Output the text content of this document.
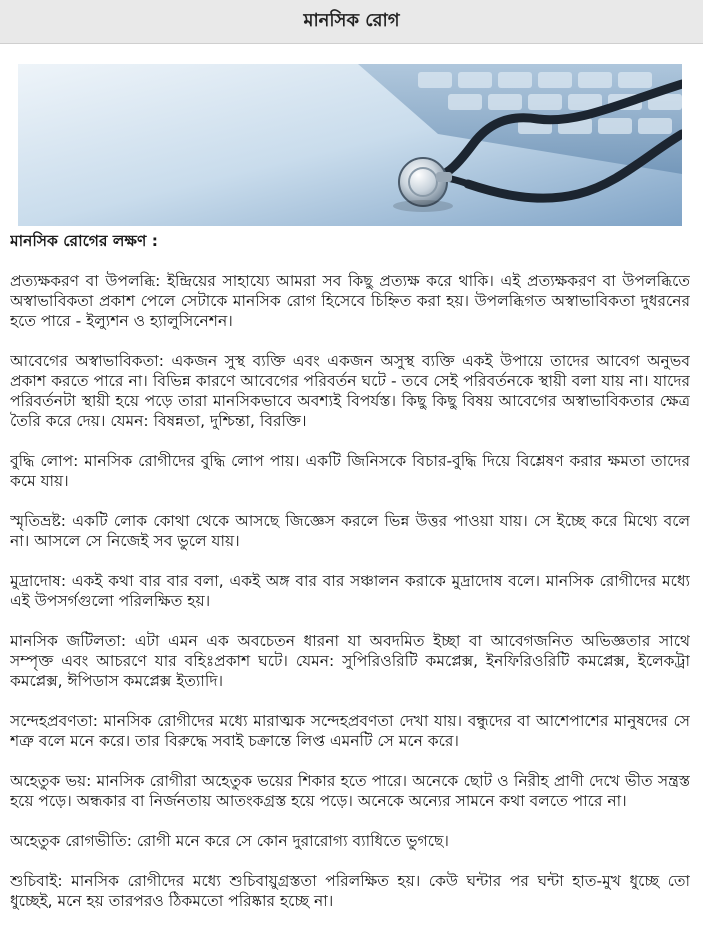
মানসিক রোগ
মানসিক রোগের লক্ষণ :

প্রত্যক্ষকরণ বা উপলব্ধি: ইন্দ্রিয়ের সাহায্যে আমরা সব কিছু প্রত্যক্ষ করে থাকি। এই প্রত্যক্ষকরণ বা উপলব্ধিতে অস্বাভাবিকতা প্রকাশ পেলে সেটাকে মানসিক রোগ হিসেবে চিহ্নিত করা হয়। উপলব্ধিগত অস্বাভাবিকতা দুধরনের হতে পারে - ইল্যুশন ও হ্যালুসিনেশন।

আবেগের অস্বাভাবিকতা: একজন সুস্থ ব্যক্তি এবং একজন অসুস্থ ব্যক্তি একই উপায়ে তাদের আবেগ অনুভব প্রকাশ করতে পারে না। বিভিন্ন কারণে আবেগের পরিবর্তন ঘটে - তবে সেই পরিবর্তনকে স্থায়ী বলা যায় না। যাদের পরিবর্তনটা স্থায়ী হয়ে পড়ে তারা মানসিকভাবে অবশ্যই বিপর্যস্ত। কিছু কিছু বিষয় আবেগের অস্বাভাবিকতার ক্ষেত্র তৈরি করে দেয়। যেমন: বিষন্নতা, দুশ্চিন্তা, বিরক্তি।

বুদ্ধি লোপ: মানসিক রোগীদের বুদ্ধি লোপ পায়। একটি জিনিসকে বিচার-বুদ্ধি দিয়ে বিশ্লেষণ করার ক্ষমতা তাদের কমে যায়।

স্মৃতিভ্রষ্ট: একটি লোক কোথা থেকে আসছে জিজ্ঞেস করলে ভিন্ন উত্তর পাওয়া যায়। সে ইচ্ছে করে মিথ্যে বলে না। আসলে সে নিজেই সব ভুলে যায়।

মুদ্রাদোষ: একই কথা বার বার বলা, একই অঙ্গ বার বার সঞ্চালন করাকে মুদ্রাদোষ বলে। মানসিক রোগীদের মধ্যে এই উপসর্গগুলো পরিলক্ষিত হয়।

মানসিক জটিলতা: এটা এমন এক অবচেতন ধারনা যা অবদমিত ইচ্ছা বা আবেগজনিত অভিজ্ঞতার সাথে সম্পৃক্ত এবং আচরণে যার বহিঃপ্রকাশ ঘটে। যেমন: সুপিরিওরিটি কমপ্লেক্স, ইনফিরিওরিটি কমপ্লেক্স, ইলেকট্রা কমপ্লেক্স, ঈপিডাস কমপ্লেক্স ইত্যাদি।

সন্দেহপ্রবণতা: মানসিক রোগীদের মধ্যে মারাত্মক সন্দেহপ্রবণতা দেখা যায়। বন্ধুদের বা আশেপাশের মানুষদের সে শত্রু বলে মনে করে। তার বিরুদ্ধে সবাই চক্রান্তে লিপ্ত এমনটি সে মনে করে।

অহেতুক ভয়: মানসিক রোগীরা অহেতুক ভয়ের শিকার হতে পারে। অনেকে ছোট ও নিরীহ প্রাণী দেখে ভীত সন্ত্রস্ত হয়ে পড়ে। অন্ধকার বা নির্জনতায় আতংকগ্রস্ত হয়ে পড়ে। অনেকে অন্যের সামনে কথা বলতে পারে না।

অহেতুক রোগভীতি: রোগী মনে করে সে কোন দুরারোগ্য ব্যাধিতে ভুগছে।

শুচিবাই: মানসিক রোগীদের মধ্যে শুচিবায়ুগ্রস্ততা পরিলক্ষিত হয়। কেউ ঘন্টার পর ঘন্টা হাত-মুখ ধুচ্ছে তো ধুচ্ছেই, মনে হয় তারপরও ঠিকমতো পরিষ্কার হচ্ছে না।
